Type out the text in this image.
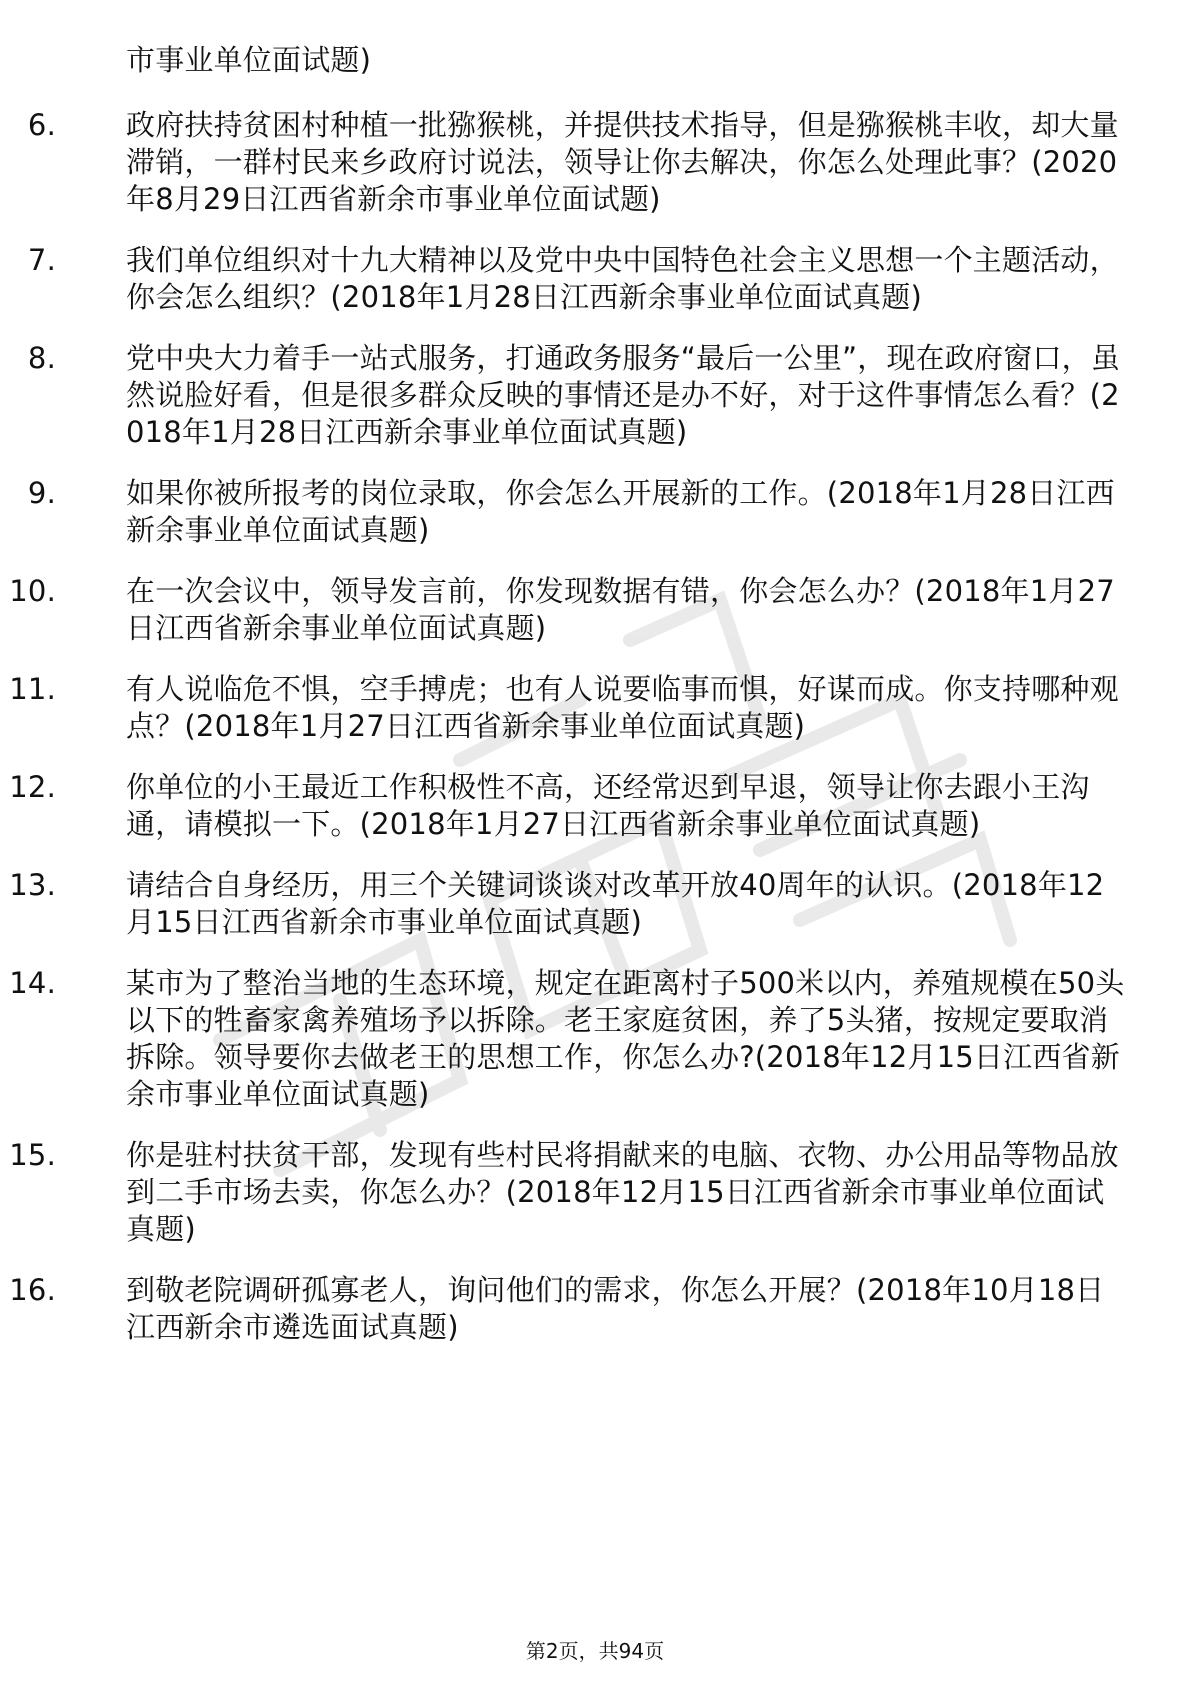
市事业单位面试题)
6. 政府扶持贫困村种植一批猕猴桃，并提供技术指导，但是猕猴桃丰收，却大量滞销，一群村民来乡政府讨说法，领导让你去解决，你怎么处理此事？(2020年8月29日江西省新余市事业单位面试题)
7. 我们单位组织对十九大精神以及党中央中国特色社会主义思想一个主题活动，你会怎么组织？(2018年1月28日江西新余事业单位面试真题)
8. 党中央大力着手一站式服务，打通政务服务“最后一公里”，现在政府窗口，虽然说脸好看，但是很多群众反映的事情还是办不好，对于这件事情怎么看？(2018年1月28日江西新余事业单位面试真题)
9. 如果你被所报考的岗位录取，你会怎么开展新的工作。(2018年1月28日江西新余事业单位面试真题)
10. 在一次会议中，领导发言前，你发现数据有错，你会怎么办？(2018年1月27日江西省新余事业单位面试真题)
11. 有人说临危不惧，空手搏虎；也有人说要临事而惧，好谋而成。你支持哪种观点？(2018年1月27日江西省新余事业单位面试真题)
12. 你单位的小王最近工作积极性不高，还经常迟到早退，领导让你去跟小王沟通，请模拟一下。(2018年1月27日江西省新余事业单位面试真题)
13. 请结合自身经历，用三个关键词谈谈对改革开放40周年的认识。(2018年12月15日江西省新余市事业单位面试真题)
14. 某市为了整治当地的生态环境，规定在距离村子500米以内，养殖规模在50头以下的牲畜家禽养殖场予以拆除。老王家庭贫困，养了5头猪，按规定要取消拆除。领导要你去做老王的思想工作，你怎么办?(2018年12月15日江西省新余市事业单位面试真题)
15. 你是驻村扶贫干部，发现有些村民将捐献来的电脑、衣物、办公用品等物品放到二手市场去卖，你怎么办？(2018年12月15日江西省新余市事业单位面试真题)
16. 到敬老院调研孤寡老人，询问他们的需求，你怎么开展？(2018年10月18日江西新余市遴选面试真题)
第2页，共94页
